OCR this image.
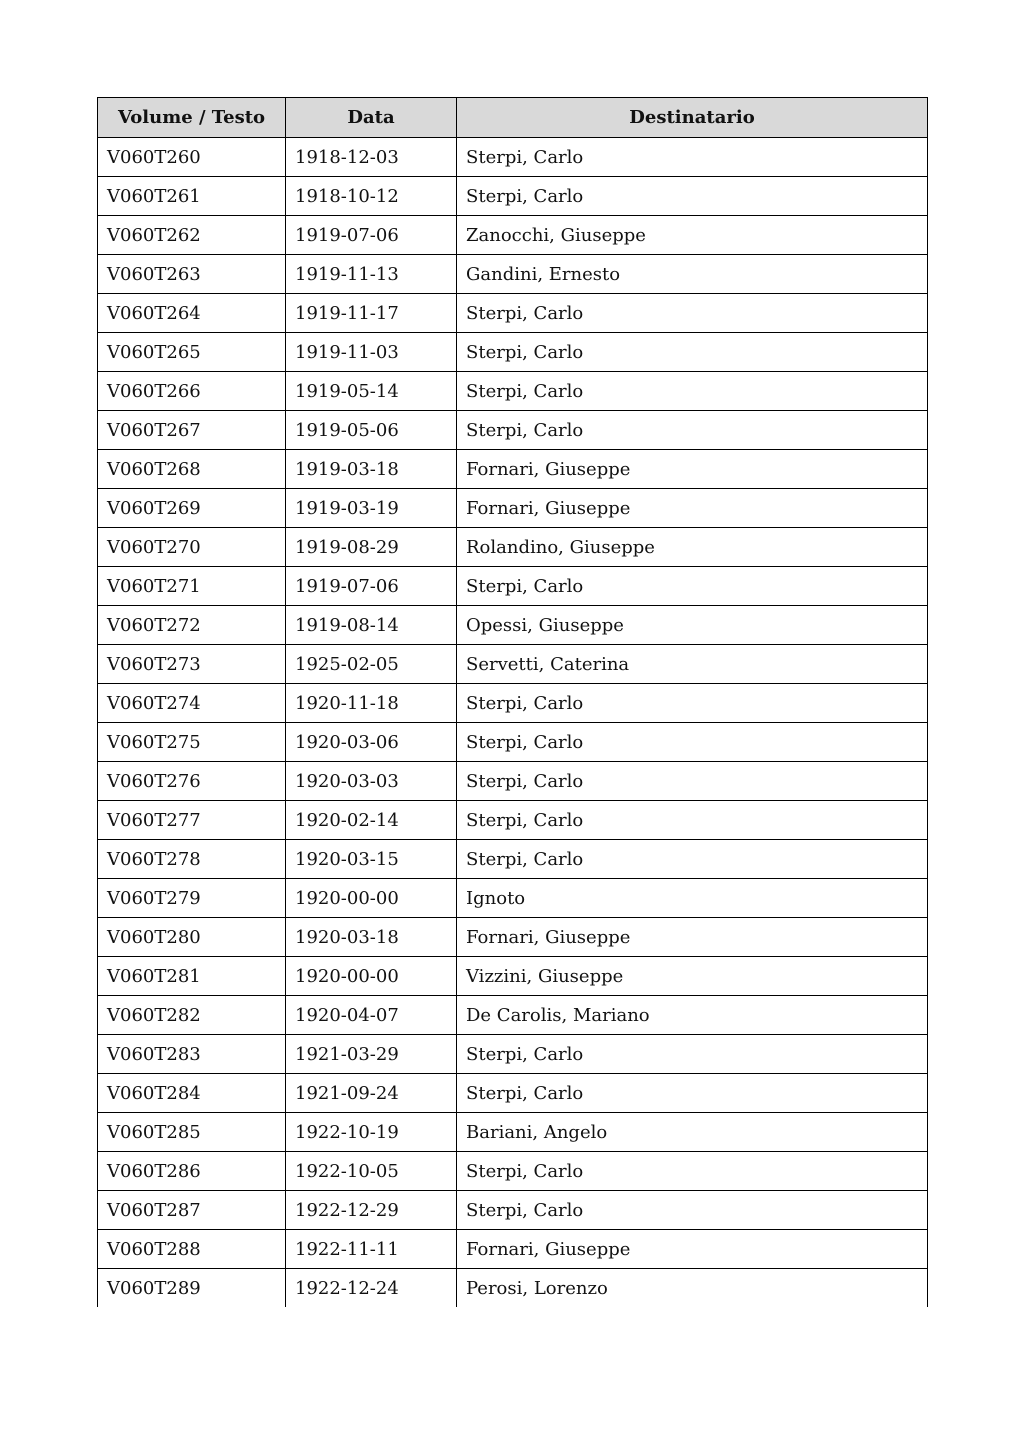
Volume / Testo	Data	Destinatario
V060T260	1918-12-03	Sterpi, Carlo
V060T261	1918-10-12	Sterpi, Carlo
V060T262	1919-07-06	Zanocchi, Giuseppe
V060T263	1919-11-13	Gandini, Ernesto
V060T264	1919-11-17	Sterpi, Carlo
V060T265	1919-11-03	Sterpi, Carlo
V060T266	1919-05-14	Sterpi, Carlo
V060T267	1919-05-06	Sterpi, Carlo
V060T268	1919-03-18	Fornari, Giuseppe
V060T269	1919-03-19	Fornari, Giuseppe
V060T270	1919-08-29	Rolandino, Giuseppe
V060T271	1919-07-06	Sterpi, Carlo
V060T272	1919-08-14	Opessi, Giuseppe
V060T273	1925-02-05	Servetti, Caterina
V060T274	1920-11-18	Sterpi, Carlo
V060T275	1920-03-06	Sterpi, Carlo
V060T276	1920-03-03	Sterpi, Carlo
V060T277	1920-02-14	Sterpi, Carlo
V060T278	1920-03-15	Sterpi, Carlo
V060T279	1920-00-00	Ignoto
V060T280	1920-03-18	Fornari, Giuseppe
V060T281	1920-00-00	Vizzini, Giuseppe
V060T282	1920-04-07	De Carolis, Mariano
V060T283	1921-03-29	Sterpi, Carlo
V060T284	1921-09-24	Sterpi, Carlo
V060T285	1922-10-19	Bariani, Angelo
V060T286	1922-10-05	Sterpi, Carlo
V060T287	1922-12-29	Sterpi, Carlo
V060T288	1922-11-11	Fornari, Giuseppe
V060T289	1922-12-24	Perosi, Lorenzo
